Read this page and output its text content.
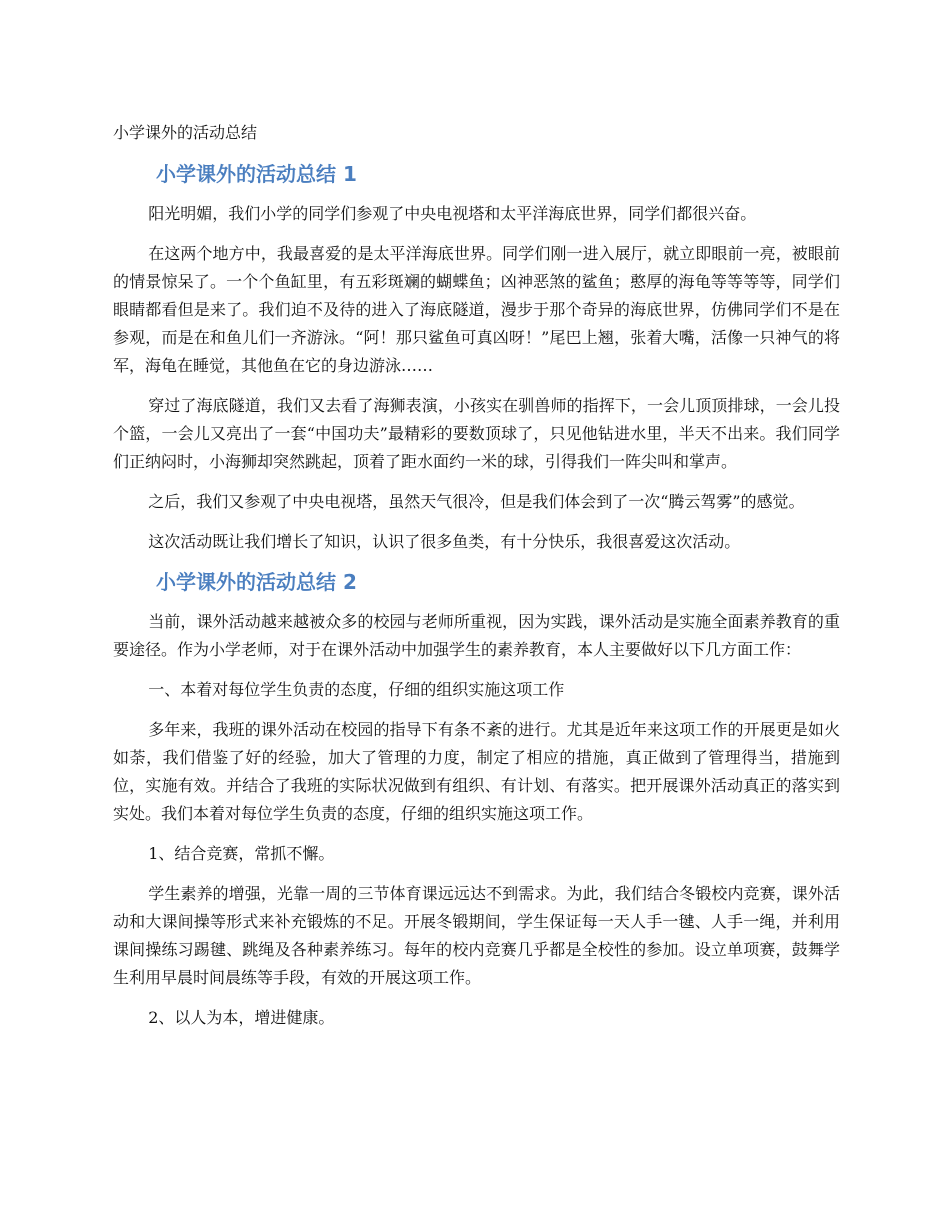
小学课外的活动总结
小学课外的活动总结 1

阳光明媚，我们小学的同学们参观了中央电视塔和太平洋海底世界，同学们都很兴奋。

在这两个地方中，我最喜爱的是太平洋海底世界。同学们刚一进入展厅，就立即眼前一亮，被眼前的情景惊呆了。一个个鱼缸里，有五彩斑斓的蝴蝶鱼；凶神恶煞的鲨鱼；憨厚的海龟等等等等，同学们眼睛都看但是来了。我们迫不及待的进入了海底隧道，漫步于那个奇异的海底世界，仿佛同学们不是在参观，而是在和鱼儿们一齐游泳。“阿！那只鲨鱼可真凶呀！”尾巴上翘，张着大嘴，活像一只神气的将军，海龟在睡觉，其他鱼在它的身边游泳……

穿过了海底隧道，我们又去看了海狮表演，小孩实在驯兽师的指挥下，一会儿顶顶排球，一会儿投个篮，一会儿又亮出了一套“中国功夫”最精彩的要数顶球了，只见他钻进水里，半天不出来。我们同学们正纳闷时，小海狮却突然跳起，顶着了距水面约一米的球，引得我们一阵尖叫和掌声。

之后，我们又参观了中央电视塔，虽然天气很冷，但是我们体会到了一次“腾云驾雾”的感觉。

这次活动既让我们增长了知识，认识了很多鱼类，有十分快乐，我很喜爱这次活动。

小学课外的活动总结 2

当前，课外活动越来越被众多的校园与老师所重视，因为实践，课外活动是实施全面素养教育的重要途径。作为小学老师，对于在课外活动中加强学生的素养教育，本人主要做好以下几方面工作：

一、本着对每位学生负责的态度，仔细的组织实施这项工作

多年来，我班的课外活动在校园的指导下有条不紊的进行。尤其是近年来这项工作的开展更是如火如荼，我们借鉴了好的经验，加大了管理的力度，制定了相应的措施，真正做到了管理得当，措施到位，实施有效。并结合了我班的实际状况做到有组织、有计划、有落实。把开展课外活动真正的落实到实处。我们本着对每位学生负责的态度，仔细的组织实施这项工作。

1、结合竞赛，常抓不懈。

学生素养的增强，光靠一周的三节体育课远远达不到需求。为此，我们结合冬锻校内竞赛，课外活动和大课间操等形式来补充锻炼的不足。开展冬锻期间，学生保证每一天人手一毽、人手一绳，并利用课间操练习踢毽、跳绳及各种素养练习。每年的校内竞赛几乎都是全校性的参加。设立单项赛，鼓舞学生利用早晨时间晨练等手段，有效的开展这项工作。

2、以人为本，增进健康。
